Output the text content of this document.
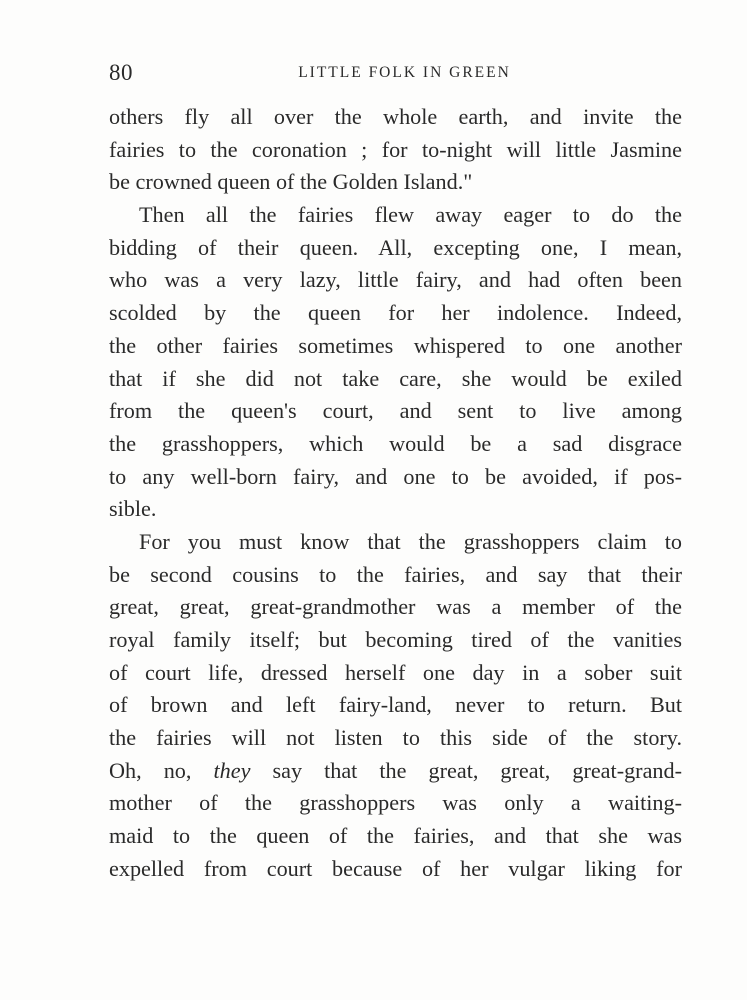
80	LITTLE FOLK IN GREEN
others fly all over the whole earth, and invite the
fairies to the coronation ; for to-night will little Jasmine
be crowned queen of the Golden Island."
Then all the fairies flew away eager to do the
bidding of their queen. All, excepting one, I mean,
who was a very lazy, little fairy, and had often been
scolded by the queen for her indolence. Indeed,
the other fairies sometimes whispered to one another
that if she did not take care, she would be exiled
from the queen's court, and sent to live among
the grasshoppers, which would be a sad disgrace
to any well-born fairy, and one to be avoided, if pos-
sible.
For you must know that the grasshoppers claim to
be second cousins to the fairies, and say that their
great, great, great-grandmother was a member of the
royal family itself; but becoming tired of the vanities
of court life, dressed herself one day in a sober suit
of brown and left fairy-land, never to return. But
the fairies will not listen to this side of the story.
Oh, no, they say that the great, great, great-grand-
mother of the grasshoppers was only a waiting-
maid to the queen of the fairies, and that she was
expelled from court because of her vulgar liking for
